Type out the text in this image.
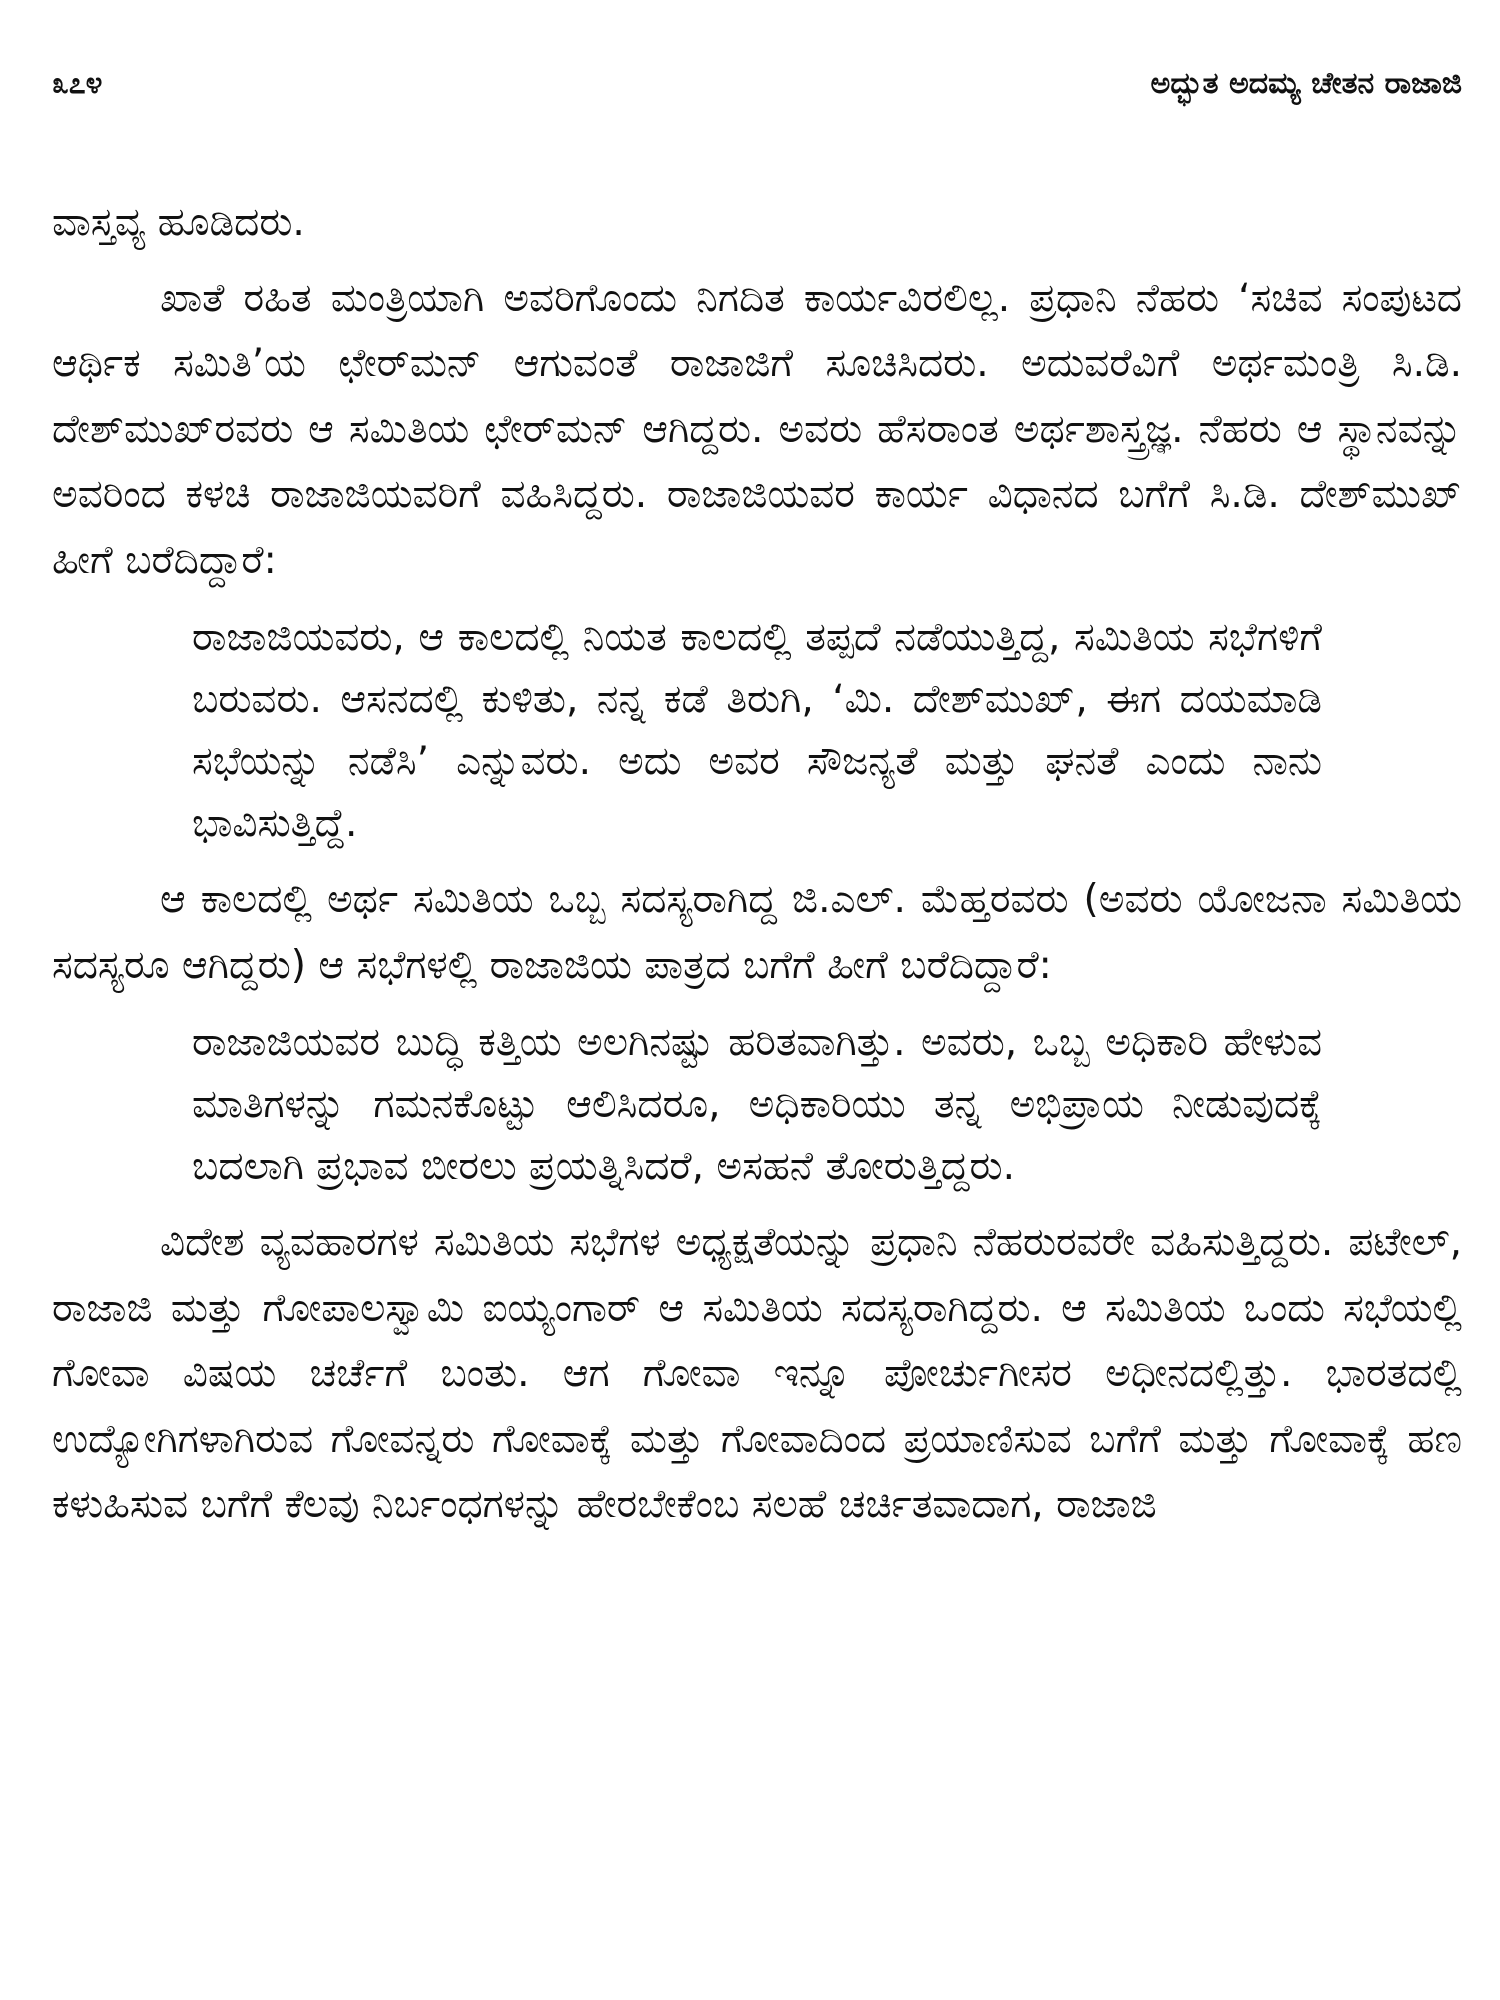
೩೭೪	ಅದ್ಭುತ ಅದಮ್ಯ ಚೇತನ ರಾಜಾಜಿ

ವಾಸ್ತವ್ಯ ಹೂಡಿದರು.

ಖಾತೆ ರಹಿತ ಮಂತ್ರಿಯಾಗಿ ಅವರಿಗೊಂದು ನಿಗದಿತ ಕಾರ್ಯವಿರಲಿಲ್ಲ. ಪ್ರಧಾನಿ ನೆಹರು ‘ಸಚಿವ ಸಂಪುಟದ ಆರ್ಥಿಕ ಸಮಿತಿ’ಯ ಛೇರ್‌ಮನ್ ಆಗುವಂತೆ ರಾಜಾಜಿಗೆ ಸೂಚಿಸಿದರು. ಅದುವರೆವಿಗೆ ಅರ್ಥಮಂತ್ರಿ ಸಿ.ಡಿ. ದೇಶ್‌ಮುಖ್‌ರವರು ಆ ಸಮಿತಿಯ ಛೇರ್‌ಮನ್ ಆಗಿದ್ದರು. ಅವರು ಹೆಸರಾಂತ ಅರ್ಥಶಾಸ್ತ್ರಜ್ಞ. ನೆಹರು ಆ ಸ್ಥಾನವನ್ನು ಅವರಿಂದ ಕಳಚಿ ರಾಜಾಜಿಯವರಿಗೆ ವಹಿಸಿದ್ದರು. ರಾಜಾಜಿಯವರ ಕಾರ್ಯ ವಿಧಾನದ ಬಗೆಗೆ ಸಿ.ಡಿ. ದೇಶ್‌ಮುಖ್ ಹೀಗೆ ಬರೆದಿದ್ದಾರೆ:

ರಾಜಾಜಿಯವರು, ಆ ಕಾಲದಲ್ಲಿ ನಿಯತ ಕಾಲದಲ್ಲಿ ತಪ್ಪದೆ ನಡೆಯುತ್ತಿದ್ದ, ಸಮಿತಿಯ ಸಭೆಗಳಿಗೆ ಬರುವರು. ಆಸನದಲ್ಲಿ ಕುಳಿತು, ನನ್ನ ಕಡೆ ತಿರುಗಿ, ‘ಮಿ. ದೇಶ್‌ಮುಖ್, ಈಗ ದಯಮಾಡಿ ಸಭೆಯನ್ನು ನಡೆಸಿ’ ಎನ್ನುವರು. ಅದು ಅವರ ಸೌಜನ್ಯತೆ ಮತ್ತು ಘನತೆ ಎಂದು ನಾನು ಭಾವಿಸುತ್ತಿದ್ದೆ.

ಆ ಕಾಲದಲ್ಲಿ ಅರ್ಥ ಸಮಿತಿಯ ಒಬ್ಬ ಸದಸ್ಯರಾಗಿದ್ದ ಜಿ.ಎಲ್. ಮೆಹ್ತರವರು (ಅವರು ಯೋಜನಾ ಸಮಿತಿಯ ಸದಸ್ಯರೂ ಆಗಿದ್ದರು) ಆ ಸಭೆಗಳಲ್ಲಿ ರಾಜಾಜಿಯ ಪಾತ್ರದ ಬಗೆಗೆ ಹೀಗೆ ಬರೆದಿದ್ದಾರೆ:

ರಾಜಾಜಿಯವರ ಬುದ್ಧಿ ಕತ್ತಿಯ ಅಲಗಿನಷ್ಟು ಹರಿತವಾಗಿತ್ತು. ಅವರು, ಒಬ್ಬ ಅಧಿಕಾರಿ ಹೇಳುವ ಮಾತಿಗಳನ್ನು ಗಮನಕೊಟ್ಟು ಆಲಿಸಿದರೂ, ಅಧಿಕಾರಿಯು ತನ್ನ ಅಭಿಪ್ರಾಯ ನೀಡುವುದಕ್ಕೆ ಬದಲಾಗಿ ಪ್ರಭಾವ ಬೀರಲು ಪ್ರಯತ್ನಿಸಿದರೆ, ಅಸಹನೆ ತೋರುತ್ತಿದ್ದರು.

ವಿದೇಶ ವ್ಯವಹಾರಗಳ ಸಮಿತಿಯ ಸಭೆಗಳ ಅಧ್ಯಕ್ಷತೆಯನ್ನು ಪ್ರಧಾನಿ ನೆಹರುರವರೇ ವಹಿಸುತ್ತಿದ್ದರು. ಪಟೇಲ್, ರಾಜಾಜಿ ಮತ್ತು ಗೋಪಾಲಸ್ವಾಮಿ ಐಯ್ಯಂಗಾರ್ ಆ ಸಮಿತಿಯ ಸದಸ್ಯರಾಗಿದ್ದರು. ಆ ಸಮಿತಿಯ ಒಂದು ಸಭೆಯಲ್ಲಿ ಗೋವಾ ವಿಷಯ ಚರ್ಚೆಗೆ ಬಂತು. ಆಗ ಗೋವಾ ಇನ್ನೂ ಪೋರ್ಚುಗೀಸರ ಅಧೀನದಲ್ಲಿತ್ತು. ಭಾರತದಲ್ಲಿ ಉದ್ಯೋಗಿಗಳಾಗಿರುವ ಗೋವನ್ನರು ಗೋವಾಕ್ಕೆ ಮತ್ತು ಗೋವಾದಿಂದ ಪ್ರಯಾಣಿಸುವ ಬಗೆಗೆ ಮತ್ತು ಗೋವಾಕ್ಕೆ ಹಣ ಕಳುಹಿಸುವ ಬಗೆಗೆ ಕೆಲವು ನಿರ್ಬಂಧಗಳನ್ನು ಹೇರಬೇಕೆಂಬ ಸಲಹೆ ಚರ್ಚಿತವಾದಾಗ, ರಾಜಾಜಿ
